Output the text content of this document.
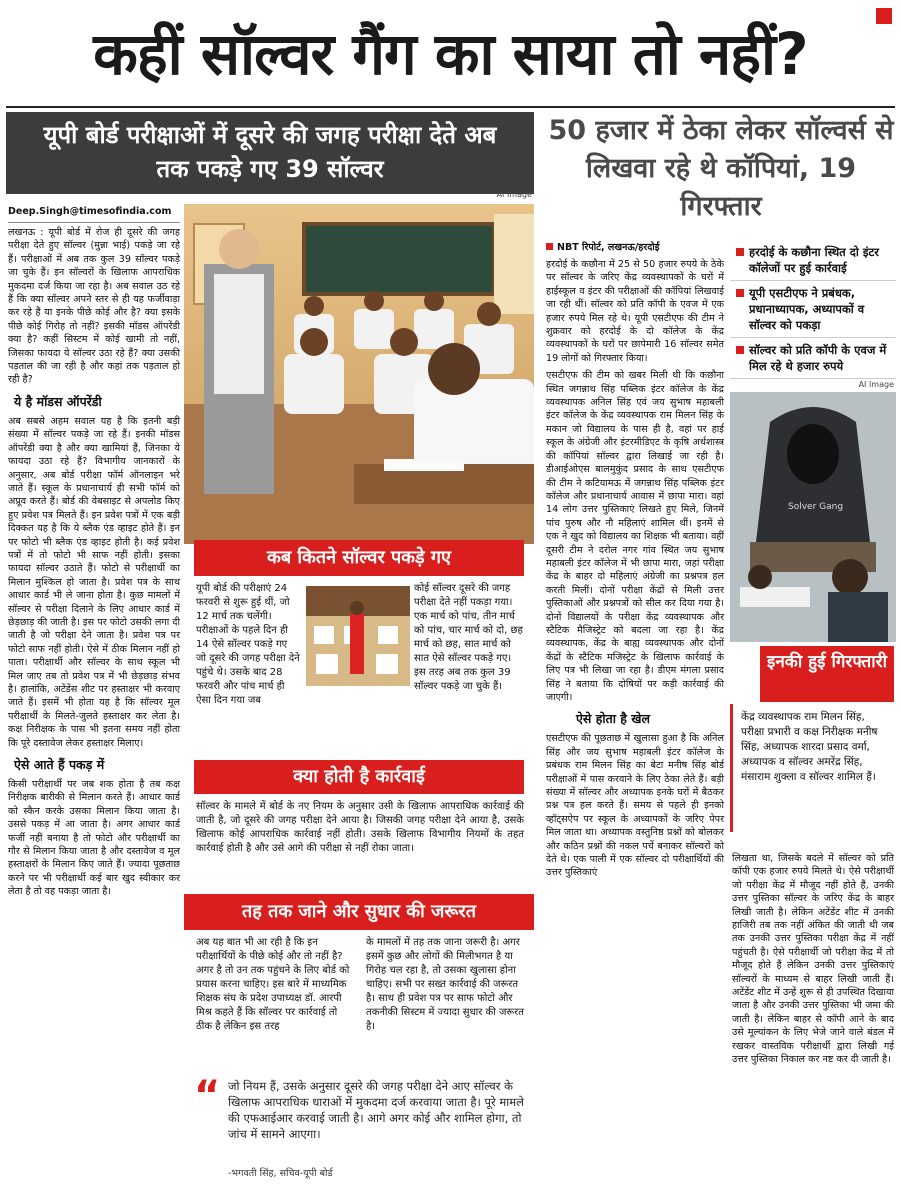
कहीं सॉल्वर गैंग का साया तो नहीं?
यूपी बोर्ड परीक्षाओं में दूसरे की जगह परीक्षा देते अब तक पकड़े गए 39 सॉल्वर
50 हजार में ठेका लेकर सॉल्वर्स से लिखवा रहे थे कॉपियां, 19 गिरफ्तार
Deep.Singh@timesofindia.com

लखनऊ : यूपी बोर्ड में रोज ही दूसरे की जगह परीक्षा देते हुए सॉल्वर (मुन्ना भाई) पकड़े जा रहे हैं। परीक्षाओं में अब तक कुल 39 सॉल्वर पकड़े जा चुके हैं। इन सॉल्वरों के खिलाफ आपराधिक मुकदमा दर्ज किया जा रहा है। अब सवाल उठ रहे हैं कि क्या सॉल्वर अपने स्तर से ही यह फर्जीवाड़ा कर रहे हैं या इनके पीछे कोई और है? क्या इसके पीछे कोई गिरोह तो नहीं? इसकी मॉडस ऑपरेंडी क्या है? कहीं सिस्टम में कोई खामी तो नहीं, जिसका फायदा ये सॉल्वर उठा रहे हैं? क्या उसकी पड़ताल की जा रही है और कहां तक पड़ताल हो रही है?

ये है मॉडस ऑपरेंडी

अब सबसे अहम सवाल यह है कि इतनी बड़ी संख्या में सॉल्वर पकड़े जा रहे हैं। इनकी मॉडस ऑपरेंडी क्या है और क्या खामियां हैं, जिनका ये फायदा उठा रहे हैं? विभागीय जानकारों के अनुसार, अब बोर्ड परीक्षा फॉर्म ऑनलाइन भरे जाते हैं। स्कूल के प्रधानाचार्य ही सभी फॉर्म को अप्रूव करते हैं। बोर्ड की वेबसाइट से अपलोड किए हुए प्रवेश पत्र मिलते हैं। इन प्रवेश पत्रों में एक बड़ी दिक्कत यह है कि ये ब्लैक एंड व्हाइट होते हैं। इन पर फोटो भी ब्लैक एंड व्हाइट होती है। कई प्रवेश पत्रों में तो फोटो भी साफ नहीं होती। इसका फायदा सॉल्वर उठाते हैं। फोटो से परीक्षार्थी का मिलान मुश्किल हो जाता है। प्रवेश पत्र के साथ आधार कार्ड भी ले जाना होता है। कुछ मामलों में सॉल्वर से परीक्षा दिलाने के लिए आधार कार्ड में छेड़छाड़ की जाती है। इस पर फोटो उसकी लगा दी जाती है जो परीक्षा देने जाता है। प्रवेश पत्र पर फोटो साफ नहीं होती। ऐसे में ठीक मिलान नहीं हो पाता। परीक्षार्थी और सॉल्वर के साथ स्कूल भी मिल जाए तब तो प्रवेश पत्र में भी छेड़छाड़ संभव है। हालांकि, अटेंडेंस शीट पर हस्ताक्षर भी करवाए जाते हैं। इसमें भी होता यह है कि सॉल्वर मूल परीक्षार्थी के मिलते-जुलते हस्ताक्षर कर लेता है। कक्ष निरीक्षक के पास भी इतना समय नहीं होता कि पूरे दस्तावेज लेकर हस्ताक्षर मिलाए।

ऐसे आते हैं पकड़ में

किसी परीक्षार्थी पर जब शक होता है तब कक्ष निरीक्षक बारीकी से मिलान करते हैं। आधार कार्ड को स्कैन करके उसका मिलान किया जाता है। उससे पकड़ में आ जाता है। अगर आधार कार्ड फर्जी नहीं बनाया है तो फोटो और परीक्षार्थी का गौर से मिलान किया जाता है और दस्तावेज व मूल हस्ताक्षरों के मिलान किए जाते हैं। ज्यादा पूछताछ करने पर भी परीक्षार्थी कई बार खुद स्वीकार कर लेता है तो वह पकड़ा जाता है।

AI Image
कब कितने सॉल्वर पकड़े गए
यूपी बोर्ड की परीक्षाएं 24 फरवरी से शुरू हुई थीं, जो 12 मार्च तक चलेंगी। परीक्षाओं के पहले दिन ही 14 ऐसे सॉल्वर पकड़े गए जो दूसरे की जगह परीक्षा देने पहुंचे थे। उसके बाद 28 फरवरी और पांच मार्च ही ऐसा दिन गया जब
कोई सॉल्वर दूसरे की जगह परीक्षा देते नहीं पकड़ा गया। एक मार्च को पांच, तीन मार्च को पांच, चार मार्च को दो, छह मार्च को छह, सात मार्च को सात ऐसे सॉल्वर पकड़े गए। इस तरह अब तक कुल 39 सॉल्वर पकड़े जा चुके हैं।
क्या होती है कार्रवाई
सॉल्वर के मामले में बोर्ड के नए नियम के अनुसार उसी के खिलाफ आपराधिक कार्रवाई की जाती है, जो दूसरे की जगह परीक्षा देने आया है। जिसकी जगह परीक्षा देने आया है, उसके खिलाफ कोई आपराधिक कार्रवाई नहीं होती। उसके खिलाफ विभागीय नियमों के तहत कार्रवाई होती है और उसे आगे की परीक्षा से नहीं रोका जाता।
तह तक जाने और सुधार की जरूरत
अब यह बात भी आ रही है कि इन परीक्षार्थियों के पीछे कोई और तो नहीं है? अगर है तो उन तक पहुंचने के लिए बोर्ड को प्रयास करना चाहिए। इस बारे में माध्यमिक शिक्षक संघ के प्रदेश उपाध्यक्ष डॉ. आरपी मिश्र कहते हैं कि सॉल्वर पर कार्रवाई तो ठीक है लेकिन इस तरह
के मामलों में तह तक जाना जरूरी है। अगर इसमें कुछ और लोगों की मिलीभगत है या गिरोह चल रहा है, तो उसका खुलासा होना चाहिए। सभी पर सख्त कार्रवाई की जरूरत है। साथ ही प्रवेश पत्र पर साफ फोटो और तकनीकी सिस्टम में ज्यादा सुधार की जरूरत है।
“ जो नियम हैं, उसके अनुसार दूसरे की जगह परीक्षा देने आए सॉल्वर के खिलाफ आपराधिक धाराओं में मुकदमा दर्ज करवाया जाता है। पूरे मामले की एफआईआर करवाई जाती है। आगे अगर कोई और शामिल होगा, तो जांच में सामने आएगा।
-भगवती सिंह, सचिव-यूपी बोर्ड
NBT रिपोर्ट, लखनऊ/हरदोई

हरदोई के कछौना में 25 से 50 हजार रुपये के ठेके पर सॉल्वर के जरिए केंद्र व्यवस्थापकों के घरों में हाईस्कूल व इंटर की परीक्षाओं की कॉपियां लिखवाई जा रही थीं। सॉल्वर को प्रति कॉपी के एवज में एक हजार रुपये मिल रहे थे। यूपी एसटीएफ की टीम ने शुक्रवार को हरदोई के दो कॉलेज के केंद्र व्यवस्थापकों के घरों पर छापेमारी 16 सॉल्वर समेत 19 लोगों को गिरफ्तार किया।

एसटीएफ की टीम को खबर मिली थी कि कछौना स्थित जगन्नाथ सिंह पब्लिक इंटर कॉलेज के केंद्र व्यवस्थापक अनिल सिंह एवं जय सुभाष महाबली इंटर कॉलेज के केंद्र व्यवस्थापक राम मिलन सिंह के मकान जो विद्यालय के पास ही है, वहां पर हाई स्कूल के अंग्रेजी और इंटरमीडिएट के कृषि अर्थशास्त्र की कॉपियां सॉल्वर द्वारा लिखाई जा रही है। डीआईओएस बालमुकुंद प्रसाद के साथ एसटीएफ की टीम ने कटियामऊ में जगन्नाथ सिंह पब्लिक इंटर कॉलेज और प्रधानाचार्य आवास में छापा मारा। वहां 14 लोग उत्तर पुस्तिकाएं लिखते हुए मिले, जिनमें पांच पुरुष और नौ महिलाएं शामिल थीं। इनमें से एक ने खुद को विद्यालय का शिक्षक भी बताया। वहीं दूसरी टीम ने दरोल नगर गांव स्थित जय सुभाष महाबली इंटर कॉलेज में भी छापा मारा, जहां परीक्षा केंद्र के बाहर दो महिलाएं अंग्रेजी का प्रश्नपत्र हल करती मिलीं। दोनों परीक्षा केंद्रों से मिली उत्तर पुस्तिकाओं और प्रश्नपत्रों को सील कर दिया गया है। दोनों विद्यालयों के परीक्षा केंद्र व्यवस्थापक और स्टैटिक मैजिस्ट्रेट को बदला जा रहा है। केंद्र व्यवस्थापक, केंद्र के बाह्य व्यवस्थापक और दोनों केंद्रों के स्टैटिक मजिस्ट्रेट के खिलाफ कार्रवाई के लिए पत्र भी लिखा जा रहा है। डीएम मंगला प्रसाद सिंह ने बताया कि दोषियों पर कड़ी कार्रवाई की जाएगी।

ऐसे होता है खेल

एसटीएफ की पूछताछ में खुलासा हुआ है कि अनिल सिंह और जय सुभाष महाबली इंटर कॉलेज के प्रबंधक राम मिलन सिंह का बेटा मनीष सिंह बोर्ड परीक्षाओं में पास करवाने के लिए ठेका लेते हैं। बड़ी संख्या में सॉल्वर और अध्यापक इनके घरों में बैठकर प्रश्न पत्र हल करते हैं। समय से पहले ही इनको व्हॉट्सऐप पर स्कूल के अध्यापकों के जरिए पेपर मिल जाता था। अध्यापक वस्तुनिष्ठ प्रश्नों को बोलकर और कठिन प्रश्नों की नकल पर्चे बनाकर सॉल्वरों को देते थे। एक पाली में एक सॉल्वर दो परीक्षार्थियों की उत्तर पुस्तिकाएं

हरदोई के कछौना स्थित दो इंटर कॉलेजों पर हुई कार्रवाई
यूपी एसटीएफ ने प्रबंधक, प्रधानाध्यापक, अध्यापकों व सॉल्वर को पकड़ा
सॉल्वर को प्रति कॉपी के एवज में मिल रहे थे हजार रुपये
Solver Gang
AI Image
इनकी हुई गिरफ्तारी
केंद्र व्यवस्थापक राम मिलन सिंह, परीक्षा प्रभारी व कक्ष निरीक्षक मनीष सिंह, अध्यापक शारदा प्रसाद वर्मा, अध्यापक व सॉल्वर अमरेंद्र सिंह, मंसाराम शुक्ला व सॉल्वर शामिल हैं।
लिखता था, जिसके बदले में सॉल्वर को प्रति कॉपी एक हजार रुपये मिलते थे। ऐसे परीक्षार्थी जो परीक्षा केंद्र में मौजूद नहीं होते हैं, उनकी उत्तर पुस्तिका सॉल्वर के जरिए केंद्र के बाहर लिखी जाती है। लेकिन अटेंडेंट शीट में उनकी हाजिरी तब तक नहीं अंकित की जाती थी जब तक उनकी उत्तर पुस्तिका परीक्षा केंद्र में नहीं पहुंचती है। ऐसे परीक्षार्थी जो परीक्षा केंद्र में तो मौजूद होते हैं लेकिन उनकी उत्तर पुस्तिकाएं सॉल्वरों के माध्यम से बाहर लिखी जाती हैं। अटेंडेंट शीट में उन्हें शुरू से ही उपस्थित दिखाया जाता है और उनकी उत्तर पुस्तिका भी जमा की जाती है। लेकिन बाहर से कॉपी आने के बाद उसे मूल्यांकन के लिए भेजे जाने वाले बंडल में रखकर वास्तविक परीक्षार्थी द्वारा लिखी गई उत्तर पुस्तिका निकाल कर नष्ट कर दी जाती है।
